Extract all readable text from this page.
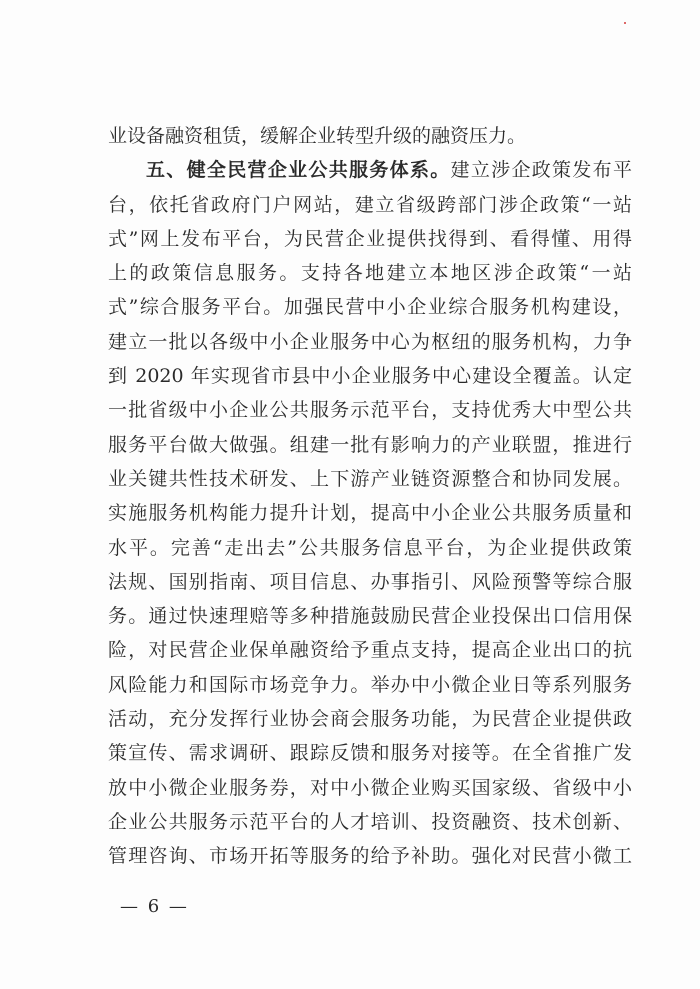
业设备融资租赁，缓解企业转型升级的融资压力。
五、健全民营企业公共服务体系。建立涉企政策发布平
台，依托省政府门户网站，建立省级跨部门涉企政策“一站
式”网上发布平台，为民营企业提供找得到、看得懂、用得
上的政策信息服务。支持各地建立本地区涉企政策“一站
式”综合服务平台。加强民营中小企业综合服务机构建设，
建立一批以各级中小企业服务中心为枢纽的服务机构，力争
到 2020 年实现省市县中小企业服务中心建设全覆盖。认定
一批省级中小企业公共服务示范平台，支持优秀大中型公共
服务平台做大做强。组建一批有影响力的产业联盟，推进行
业关键共性技术研发、上下游产业链资源整合和协同发展。
实施服务机构能力提升计划，提高中小企业公共服务质量和
水平。完善“走出去”公共服务信息平台，为企业提供政策
法规、国别指南、项目信息、办事指引、风险预警等综合服
务。通过快速理赔等多种措施鼓励民营企业投保出口信用保
险，对民营企业保单融资给予重点支持，提高企业出口的抗
风险能力和国际市场竞争力。举办中小微企业日等系列服务
活动，充分发挥行业协会商会服务功能，为民营企业提供政
策宣传、需求调研、跟踪反馈和服务对接等。在全省推广发
放中小微企业服务券，对中小微企业购买国家级、省级中小
企业公共服务示范平台的人才培训、投资融资、技术创新、
管理咨询、市场开拓等服务的给予补助。强化对民营小微工
— 6 —
